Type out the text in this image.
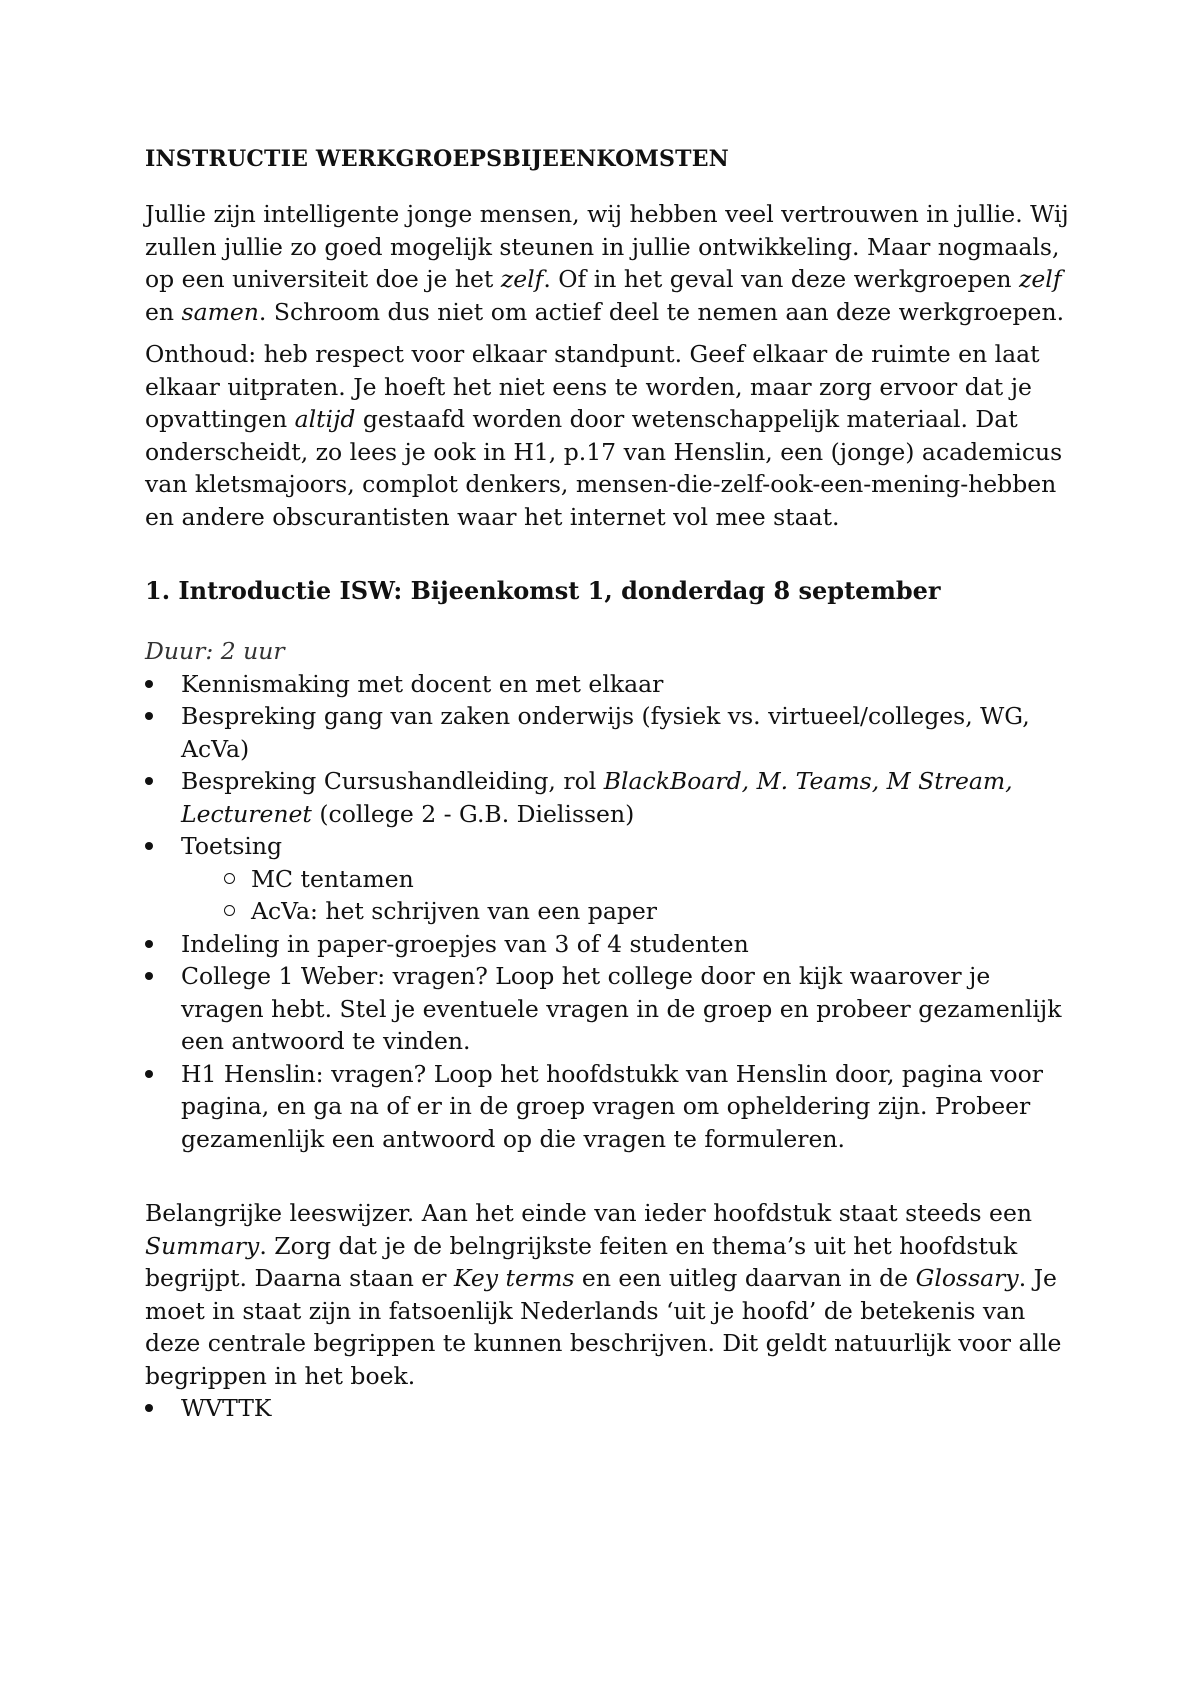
INSTRUCTIE WERKGROEPSBIJEENKOMSTEN

Jullie zijn intelligente jonge mensen, wij hebben veel vertrouwen in jullie. Wij zullen jullie zo goed mogelijk steunen in jullie ontwikkeling. Maar nogmaals, op een universiteit doe je het zelf. Of in het geval van deze werkgroepen zelf en samen. Schroom dus niet om actief deel te nemen aan deze werkgroepen.

Onthoud: heb respect voor elkaar standpunt. Geef elkaar de ruimte en laat elkaar uitpraten. Je hoeft het niet eens te worden, maar zorg ervoor dat je opvattingen altijd gestaafd worden door wetenschappelijk materiaal. Dat onderscheidt, zo lees je ook in H1, p.17 van Henslin, een (jonge) academicus van kletsmajoors, complot denkers, mensen-die-zelf-ook-een-mening-hebben en andere obscurantisten waar het internet vol mee staat.

1. Introductie ISW: Bijeenkomst 1, donderdag 8 september
Duur: 2 uur
Kennismaking met docent en met elkaar
Bespreking gang van zaken onderwijs (fysiek vs. virtueel/colleges, WG, AcVa)
Bespreking Cursushandleiding, rol BlackBoard, M. Teams, M Stream, Lecturenet (college 2 - G.B. Dielissen)
Toetsing
MC tentamen
AcVa: het schrijven van een paper
Indeling in paper-groepjes van 3 of 4 studenten
College 1 Weber: vragen? Loop het college door en kijk waarover je vragen hebt. Stel je eventuele vragen in de groep en probeer gezamenlijk een antwoord te vinden.
H1 Henslin: vragen? Loop het hoofdstukk van Henslin door, pagina voor pagina, en ga na of er in de groep vragen om opheldering zijn. Probeer gezamenlijk een antwoord op die vragen te formuleren.

Belangrijke leeswijzer. Aan het einde van ieder hoofdstuk staat steeds een Summary. Zorg dat je de belngrijkste feiten en thema’s uit het hoofdstuk begrijpt. Daarna staan er Key terms en een uitleg daarvan in de Glossary. Je moet in staat zijn in fatsoenlijk Nederlands ‘uit je hoofd’ de betekenis van deze centrale begrippen te kunnen beschrijven. Dit geldt natuurlijk voor alle begrippen in het boek.

WVTTK
